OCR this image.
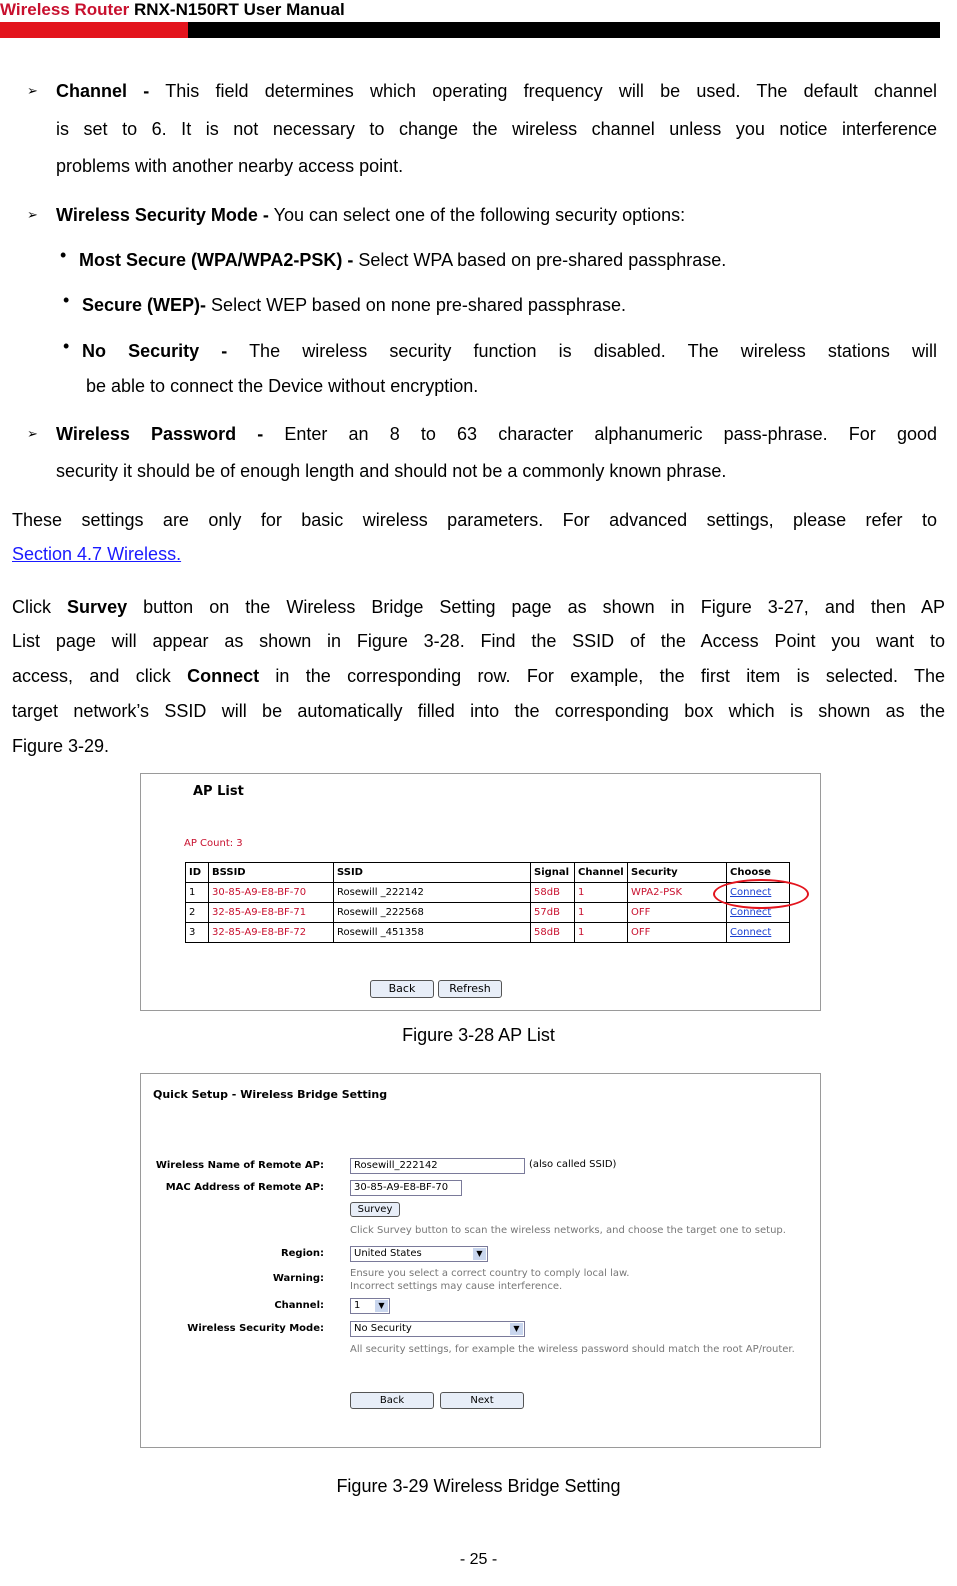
Wireless Router RNX-N150RT User Manual
➢ Channel - This field determines which operating frequency will be used. The default channel
is set to 6. It is not necessary to change the wireless channel unless you notice interference
problems with another nearby access point.
➢ Wireless Security Mode - You can select one of the following security options:
• Most Secure (WPA/WPA2-PSK) - Select WPA based on pre-shared passphrase.
• Secure (WEP)- Select WEP based on none pre-shared passphrase.
• No Security - The wireless security function is disabled. The wireless stations will
be able to connect the Device without encryption.
➢ Wireless Password - Enter an 8 to 63 character alphanumeric pass-phrase. For good
security it should be of enough length and should not be a commonly known phrase.
These settings are only for basic wireless parameters. For advanced settings, please refer to
Section 4.7 Wireless.
Click Survey button on the Wireless Bridge Setting page as shown in Figure 3-27, and then AP
List page will appear as shown in Figure 3-28. Find the SSID of the Access Point you want to
access, and click Connect in the corresponding row. For example, the first item is selected. The
target network’s SSID will be automatically filled into the corresponding box which is shown as the
Figure 3-29.
AP List
AP Count: 3
ID	BSSID	SSID	Signal	Channel	Security	Choose
1	30-85-A9-E8-BF-70	Rosewill _222142	58dB	1	WPA2-PSK	Connect
2	32-85-A9-E8-BF-71	Rosewill _222568	57dB	1	OFF	Connect
3	32-85-A9-E8-BF-72	Rosewill _451358	58dB	1	OFF	Connect
Back	Refresh
Figure 3-28 AP List
Quick Setup - Wireless Bridge Setting
Wireless Name of Remote AP:	Rosewill_222142	(also called SSID)
MAC Address of Remote AP:	30-85-A9-E8-BF-70
Survey
Click Survey button to scan the wireless networks, and choose the target one to setup.
Region:	United States	▼
Warning:	Ensure you select a correct country to comply local law.
Incorrect settings may cause interference.
Channel:	1	▼
Wireless Security Mode:	No Security	▼
All security settings, for example the wireless password should match the root AP/router.
Back	Next
Figure 3-29 Wireless Bridge Setting
- 25 -
